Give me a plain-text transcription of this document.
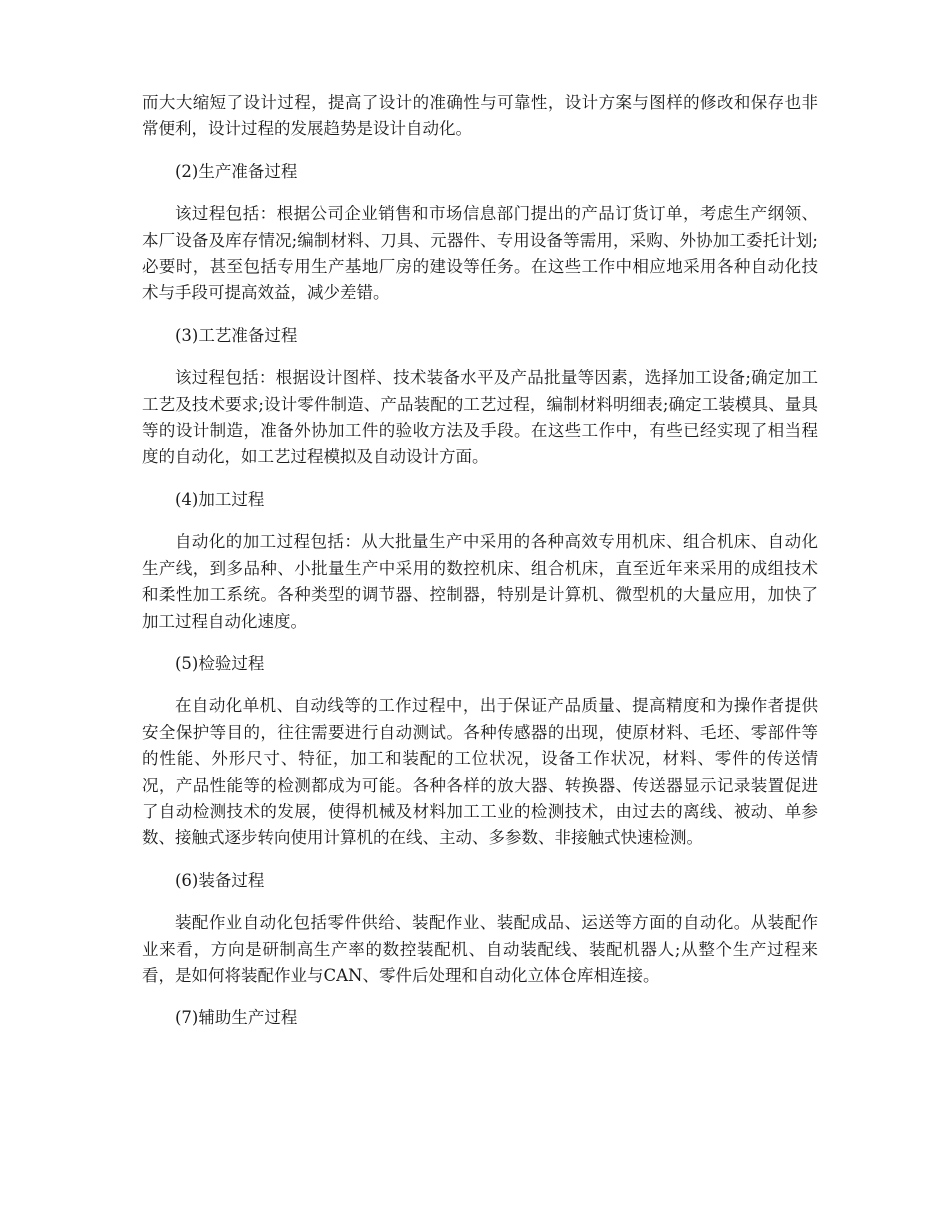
而大大缩短了设计过程，提高了设计的准确性与可靠性，设计方案与图样的修改和保存也非常便利，设计过程的发展趋势是设计自动化。

(2)生产准备过程

该过程包括：根据公司企业销售和市场信息部门提出的产品订货订单，考虑生产纲领、本厂设备及库存情况;编制材料、刀具、元器件、专用设备等需用，采购、外协加工委托计划;必要时，甚至包括专用生产基地厂房的建设等任务。在这些工作中相应地采用各种自动化技术与手段可提高效益，减少差错。

(3)工艺准备过程

该过程包括：根据设计图样、技术装备水平及产品批量等因素，选择加工设备;确定加工工艺及技术要求;设计零件制造、产品装配的工艺过程，编制材料明细表;确定工装模具、量具等的设计制造，准备外协加工件的验收方法及手段。在这些工作中，有些已经实现了相当程度的自动化，如工艺过程模拟及自动设计方面。

(4)加工过程

自动化的加工过程包括：从大批量生产中采用的各种高效专用机床、组合机床、自动化生产线，到多品种、小批量生产中采用的数控机床、组合机床，直至近年来采用的成组技术和柔性加工系统。各种类型的调节器、控制器，特别是计算机、微型机的大量应用，加快了加工过程自动化速度。

(5)检验过程

在自动化单机、自动线等的工作过程中，出于保证产品质量、提高精度和为操作者提供安全保护等目的，往往需要进行自动测试。各种传感器的出现，使原材料、毛坯、零部件等的性能、外形尺寸、特征，加工和装配的工位状况，设备工作状况，材料、零件的传送情况，产品性能等的检测都成为可能。各种各样的放大器、转换器、传送器显示记录装置促进了自动检测技术的发展，使得机械及材料加工工业的检测技术，由过去的离线、被动、单参数、接触式逐步转向使用计算机的在线、主动、多参数、非接触式快速检测。

(6)装备过程

装配作业自动化包括零件供给、装配作业、装配成品、运送等方面的自动化。从装配作业来看，方向是研制高生产率的数控装配机、自动装配线、装配机器人;从整个生产过程来看，是如何将装配作业与CAN、零件后处理和自动化立体仓库相连接。

(7)辅助生产过程
